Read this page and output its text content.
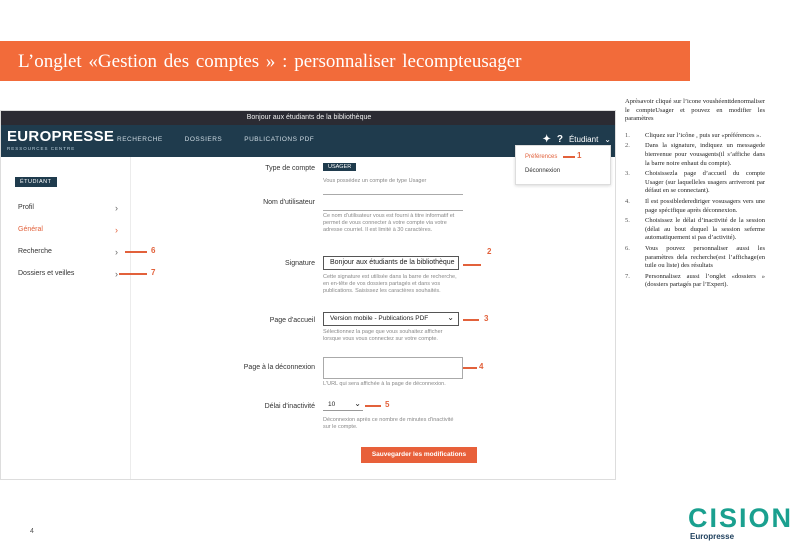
L’onglet «Gestion des comptes » : personnaliser lecompteusager
Bonjour aux étudiants de la bibliothèque
EUROPRESSE
RESSOURCES CENTRE
RECHERCHE	DOSSIERS	PUBLICATIONS PDF	✦ ? Étudiant ⌄
Préférences
Déconnexion
1
ÉTUDIANT
Profil	›
Général	›
Recherche	›
Dossiers et veilles	›
6
7
Type de compte	USAGER
Vous possédez un compte de type Usager
Nom d'utilisateur
Ce nom d'utilisateur vous est fourni à titre informatif et permet de vous connecter à votre compte via votre adresse courriel. Il est limité à 30 caractères.
Signature	Bonjour aux étudiants de la bibliothèque
Cette signature est utilisée dans la barre de recherche, en en-tête de vos dossiers partagés et dans vos publications. Saisissez les caractères souhaités.
Page d'accueil	Version mobile - Publications PDF ⌄
Sélectionnez la page que vous souhaitez afficher lorsque vous vous connectez sur votre compte.
Page à la déconnexion
L'URL qui sera affichée à la page de déconnexion.
Délai d'inactivité	10 ⌄
Déconnexion après ce nombre de minutes d'inactivité sur le compte.
Sauvegarder les modifications
2
3
4
5

Aprèsavoir cliqué sur l’icone voushéenttdenormaliser le compteUsager et pouvez en modifier les paramètres

1. Cliquez sur l’icône , puis sur «préférences ».
2. Dans la signature, indiquez un messagede bienvenue pour vousagents(il s’affiche dans la barre noire enhaut du compte).
3. Choisissezla page d’accueil du compte Usager (sur laquelleles usagers arriveront par défaut en se connectant).
4. Il est possiblederediriger vosusagers vers une page spécifique après déconnexion.
5. Choisissez le délai d’inactivité de la session (délai au bout duquel la session seferme automatiquement si pas d’activité).
6. Vous pouvez personnaliser aussi les paramètres dela recherche(est l’affichage(en tuile ou liste) des résultats
7. Personnalisez aussi l’onglet «dossiers » (dossiers partagés par l’Expert).
4	CISION
Europresse
